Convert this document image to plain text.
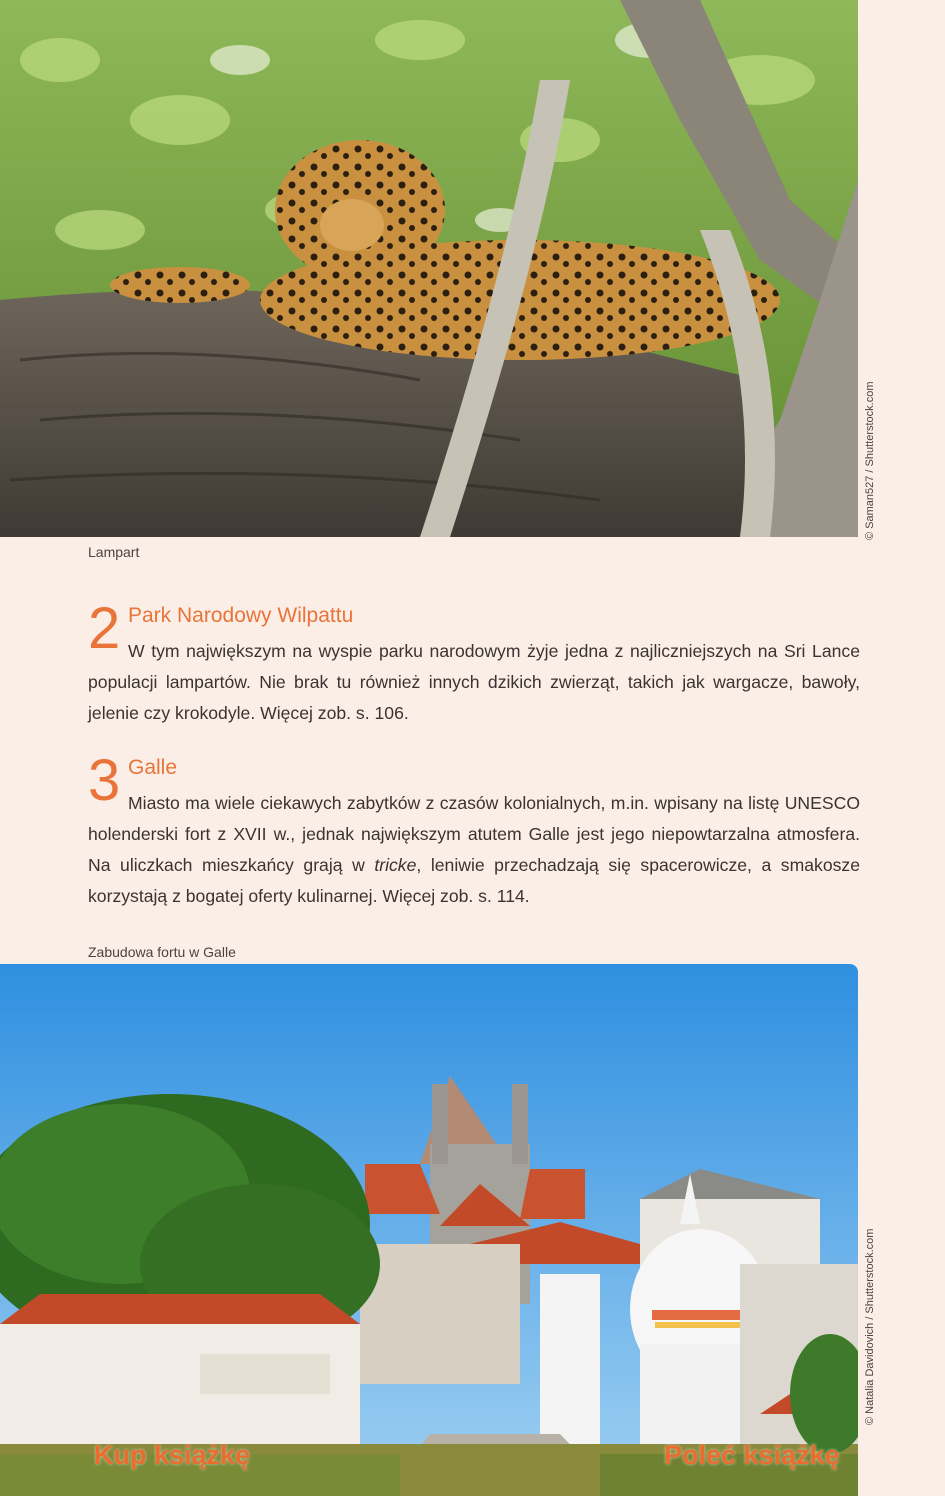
© Saman527 / Shutterstock.com
Lampart
2 Park Narodowy Wilpattu
W tym największym na wyspie parku narodowym żyje jedna z najliczniejszych na Sri Lance populacji lampartów. Nie brak tu również innych dzikich zwierząt, takich jak wargacze, bawoły, jelenie czy krokodyle. Więcej zob. s. 106.
3 Galle
Miasto ma wiele ciekawych zabytków z czasów kolonialnych, m.in. wpisany na listę UNESCO holenderski fort z XVII w., jednak największym atutem Galle jest jego niepowtarzalna atmosfera. Na uliczkach mieszkańcy grają w tricke, leniwie przechadzają się spacerowicze, a smakosze korzystają z bogatej oferty kulinarnej. Więcej zob. s. 114.
Zabudowa fortu w Galle
© Natalia Davidovich / Shutterstock.com
Kup książkę	Poleć książkę
